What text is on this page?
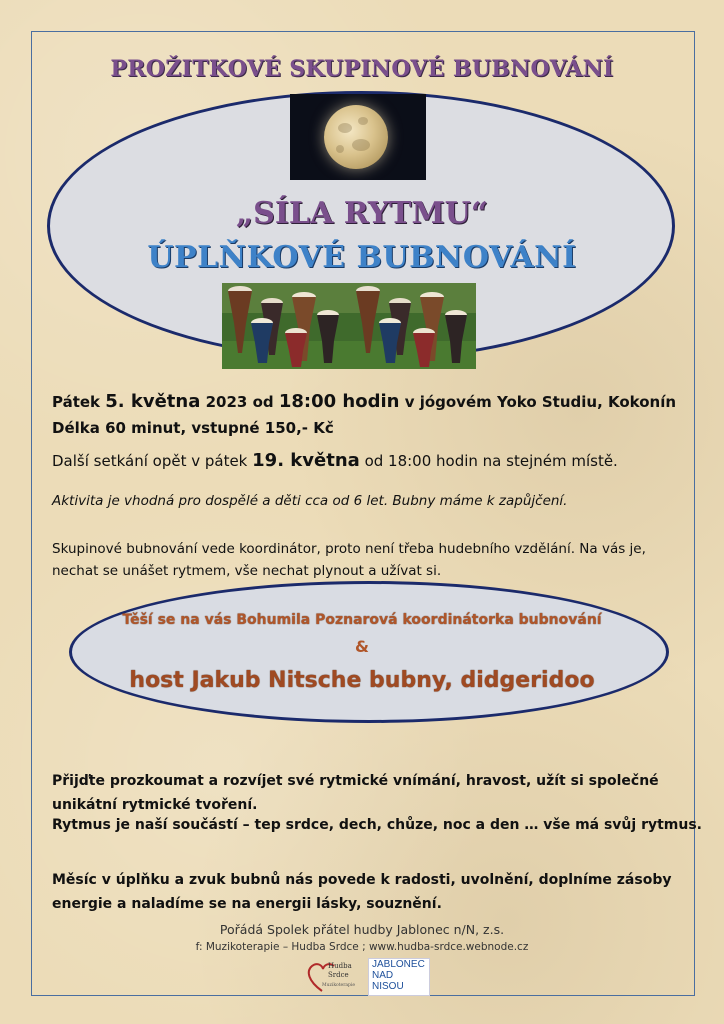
PROŽITKOVÉ SKUPINOVÉ BUBNOVÁNÍ
„SÍLA RYTMU“
ÚPLŇKOVÉ BUBNOVÁNÍ
Pátek 5. května 2023 od 18:00 hodin v jógovém Yoko Studiu, Kokonín
Délka 60 minut, vstupné 150,- Kč
Další setkání opět v pátek 19. května od 18:00 hodin na stejném místě.
Aktivita je vhodná pro dospělé a děti cca od 6 let. Bubny máme k zapůjčení.
Skupinové bubnování vede koordinátor, proto není třeba hudebního vzdělání. Na vás je, nechat se unášet rytmem, vše nechat plynout a užívat si.
Těší se na vás Bohumila Poznarová koordinátorka bubnování
&
host Jakub Nitsche bubny, didgeridoo
Přijďte prozkoumat a rozvíjet své rytmické vnímání, hravost, užít si společné unikátní rytmické tvoření.
Rytmus je naší součástí – tep srdce, dech, chůze, noc a den … vše má svůj rytmus.
Měsíc v úplňku a zvuk bubnů nás povede k radosti, uvolnění, doplníme zásoby energie a naladíme se na energii lásky, souznění.
Pořádá Spolek přátel hudby Jablonec n/N, z.s.
f: Muzikoterapie – Hudba Srdce ; www.hudba-srdce.webnode.cz
Hudba
Srdce
Muzikoterapie
JABLONEC
NAD
NISOU
